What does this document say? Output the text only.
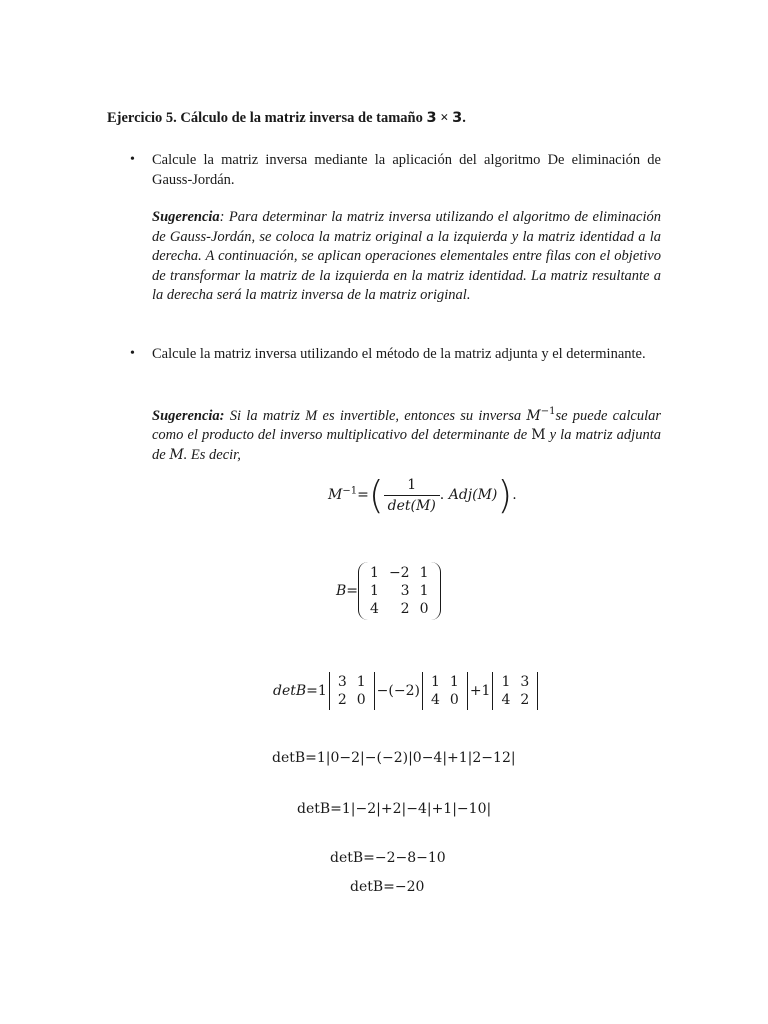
Ejercicio 5. Cálculo de la matriz inversa de tamaño 3 × 3.
• Calcule la matriz inversa mediante la aplicación del algoritmo De eliminación de Gauss-Jordán.
Sugerencia: Para determinar la matriz inversa utilizando el algoritmo de eliminación de Gauss-Jordán, se coloca la matriz original a la izquierda y la matriz identidad a la derecha. A continuación, se aplican operaciones elementales entre filas con el objetivo de transformar la matriz de la izquierda en la matriz identidad. La matriz resultante a la derecha será la matriz inversa de la matriz original.
• Calcule la matriz inversa utilizando el método de la matriz adjunta y el determinante.
Sugerencia: Si la matriz M es invertible, entonces su inversa $M^{-1}se$ puede calcular como el producto del inverso multiplicativo del determinante de M y la matriz adjunta de M. Es decir,
$M^{-1}=( \frac{1}{\det(M)}$ . Adj(M)).
B=
1	−2	1
1	3	1
4	2	0
detB=1
3	1
2	0
−(−2)
1	1
4	0
+1
1	3
4	2
detB=1|0−2|−(−2)|0−4|+1|2−12|
detB=1|−2|+2|−4|+1|−10|
detB=−2−8−10
detB=−20
